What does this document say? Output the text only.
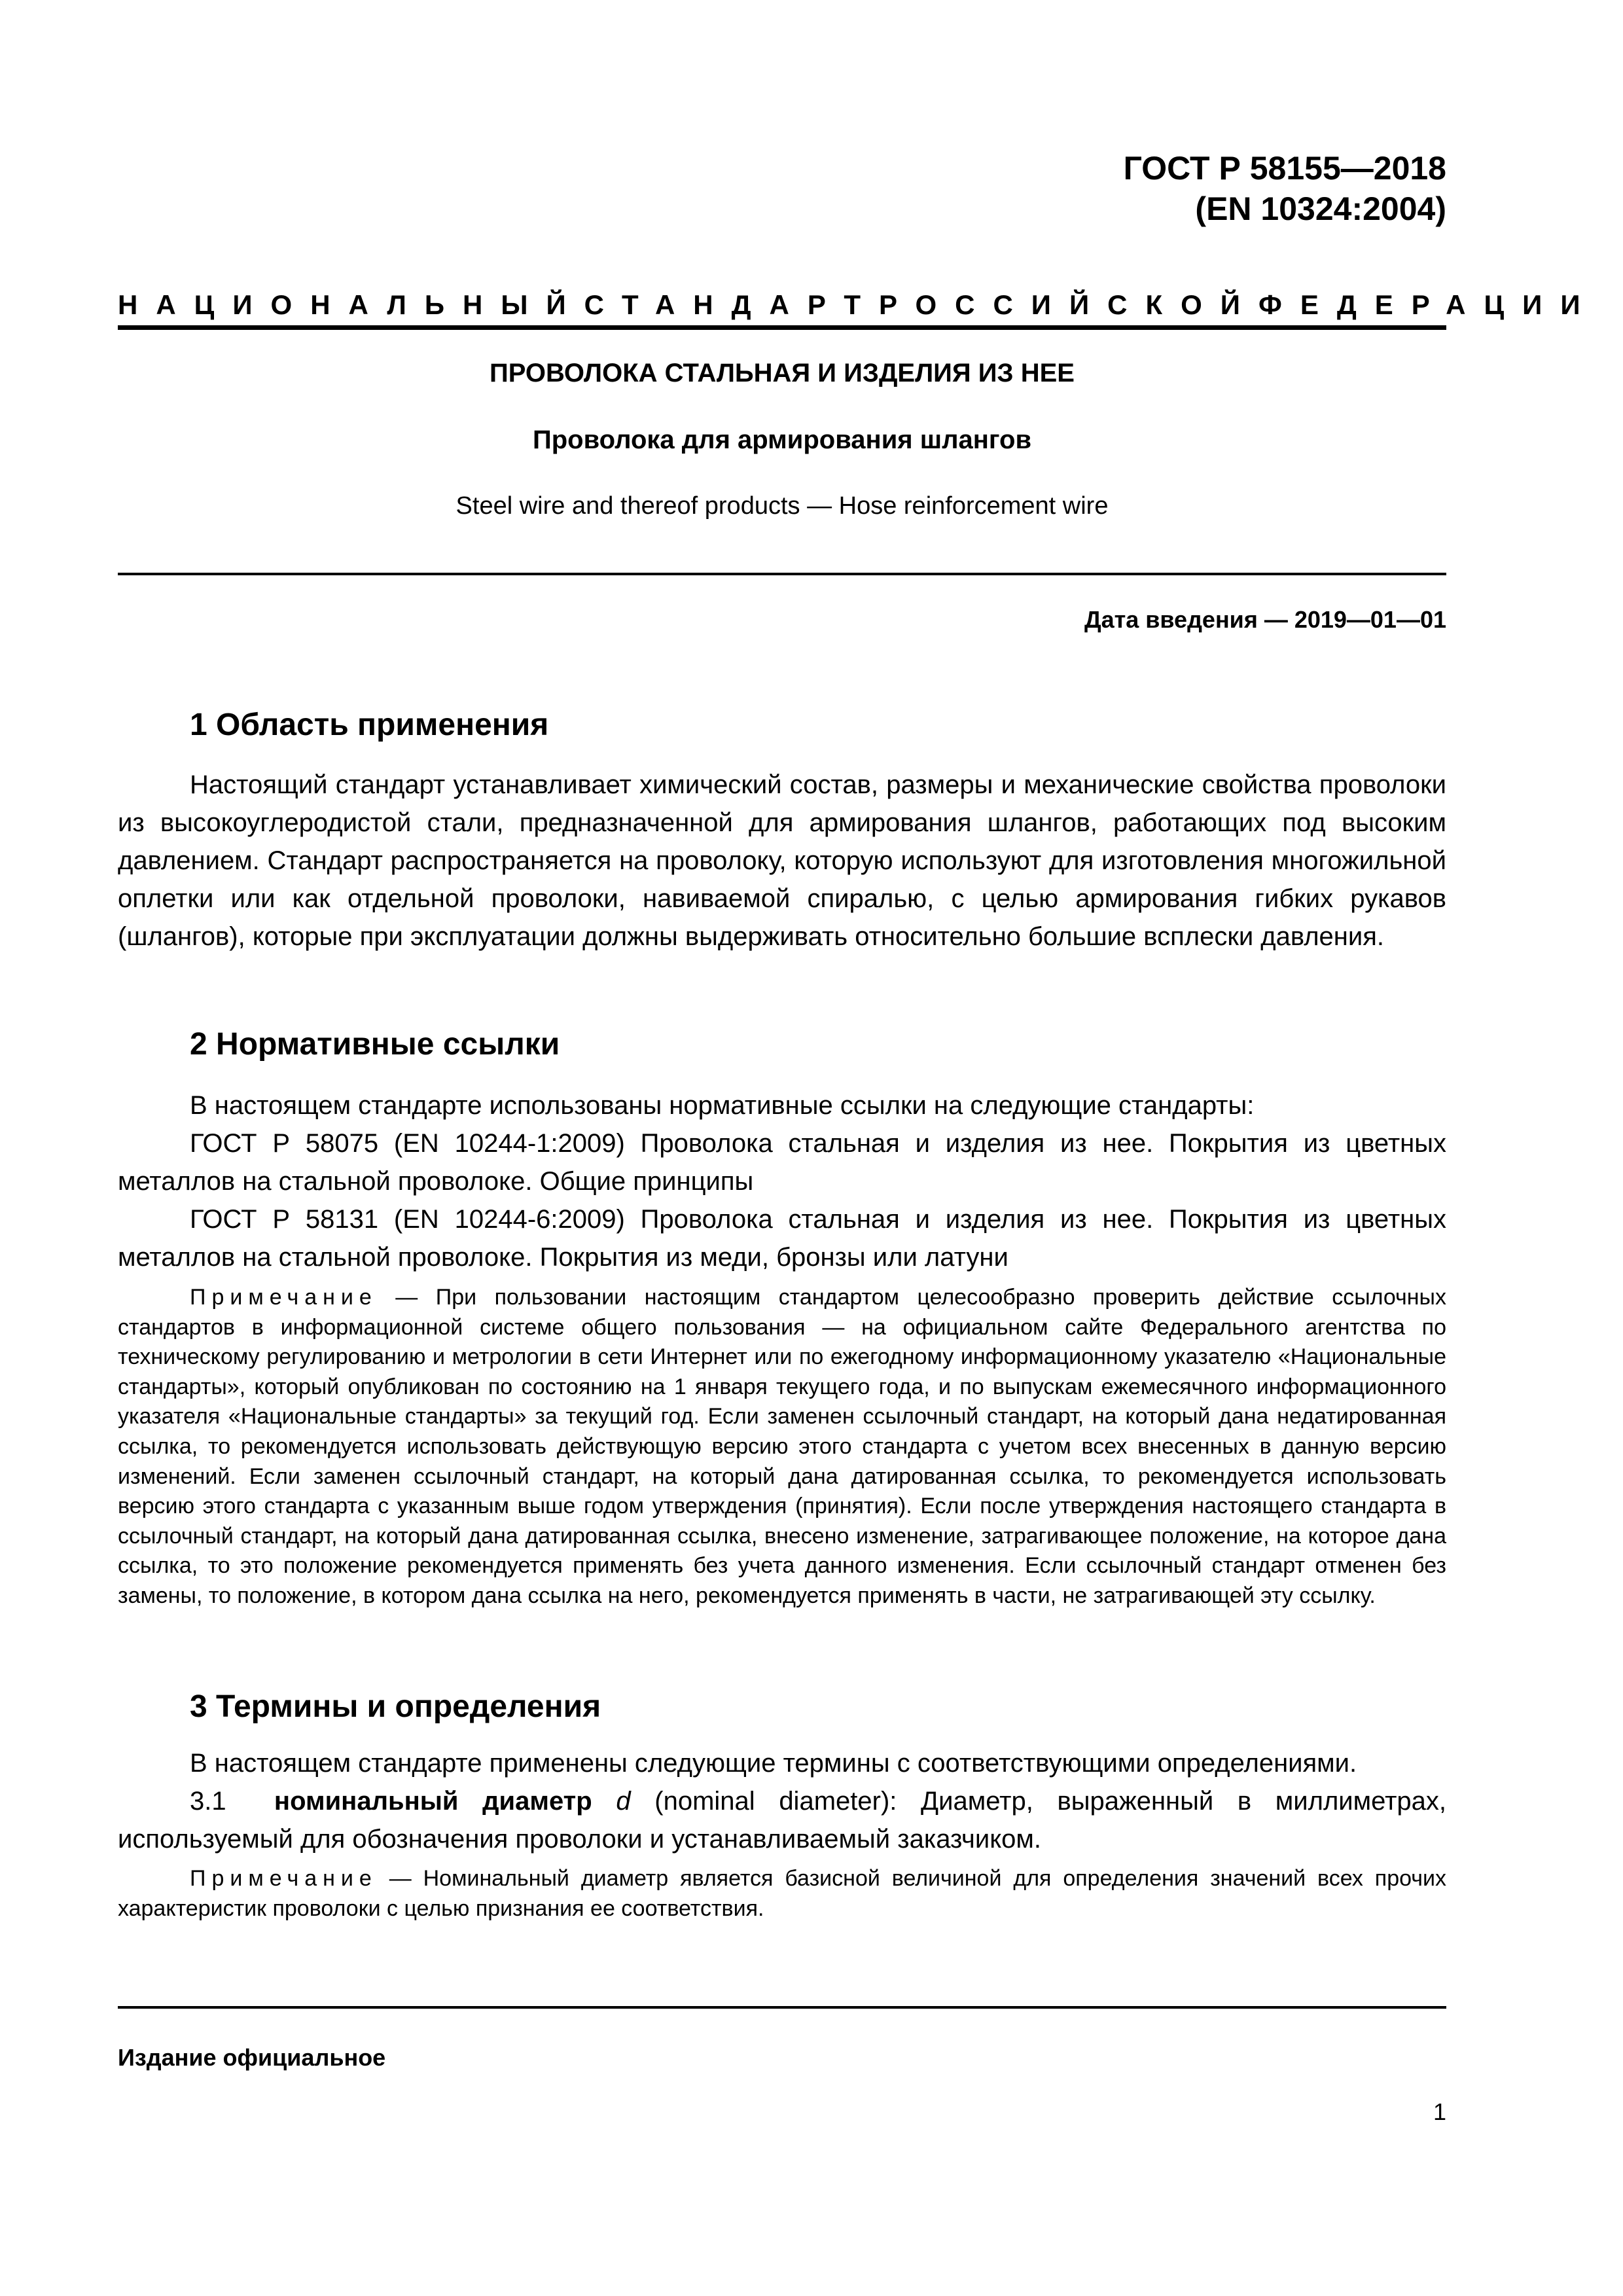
ГОСТ Р 58155—2018
(EN 10324:2004)
НАЦИОНАЛЬНЫЙ СТАНДАРТ РОССИЙСКОЙ ФЕДЕРАЦИИ
ПРОВОЛОКА СТАЛЬНАЯ И ИЗДЕЛИЯ ИЗ НЕЕ
Проволока для армирования шлангов
Steel wire and thereof products — Hose reinforcement wire
Дата введения — 2019—01—01
1 Область применения

Настоящий стандарт устанавливает химический состав, размеры и механические свойства проволоки из высокоуглеродистой стали, предназначенной для армирования шлангов, работающих под высоким давлением. Стандарт распространяется на проволоку, которую используют для изготовления многожильной оплетки или как отдельной проволоки, навиваемой спиралью, с целью армирования гибких рукавов (шлангов), которые при эксплуатации должны выдерживать относительно большие всплески давления.

2 Нормативные ссылки

В настоящем стандарте использованы нормативные ссылки на следующие стандарты:

ГОСТ Р 58075 (EN 10244-1:2009) Проволока стальная и изделия из нее. Покрытия из цветных металлов на стальной проволоке. Общие принципы

ГОСТ Р 58131 (EN 10244-6:2009) Проволока стальная и изделия из нее. Покрытия из цветных металлов на стальной проволоке. Покрытия из меди, бронзы или латуни

Примечание — При пользовании настоящим стандартом целесообразно проверить действие ссылочных стандартов в информационной системе общего пользования — на официальном сайте Федерального агентства по техническому регулированию и метрологии в сети Интернет или по ежегодному информационному указателю «Национальные стандарты», который опубликован по состоянию на 1 января текущего года, и по выпускам ежемесячного информационного указателя «Национальные стандарты» за текущий год. Если заменен ссылочный стандарт, на который дана недатированная ссылка, то рекомендуется использовать действующую версию этого стандарта с учетом всех внесенных в данную версию изменений. Если заменен ссылочный стандарт, на который дана датированная ссылка, то рекомендуется использовать версию этого стандарта с указанным выше годом утверждения (принятия). Если после утверждения настоящего стандарта в ссылочный стандарт, на который дана датированная ссылка, внесено изменение, затрагивающее положение, на которое дана ссылка, то это положение рекомендуется применять без учета данного изменения. Если ссылочный стандарт отменен без замены, то положение, в котором дана ссылка на него, рекомендуется применять в части, не затрагивающей эту ссылку.

3 Термины и определения

В настоящем стандарте применены следующие термины с соответствующими определениями.

3.1 номинальный диаметр d (nominal diameter): Диаметр, выраженный в миллиметрах, используемый для обозначения проволоки и устанавливаемый заказчиком.

Примечание — Номинальный диаметр является базисной величиной для определения значений всех прочих характеристик проволоки с целью признания ее соответствия.

Издание официальное
1
